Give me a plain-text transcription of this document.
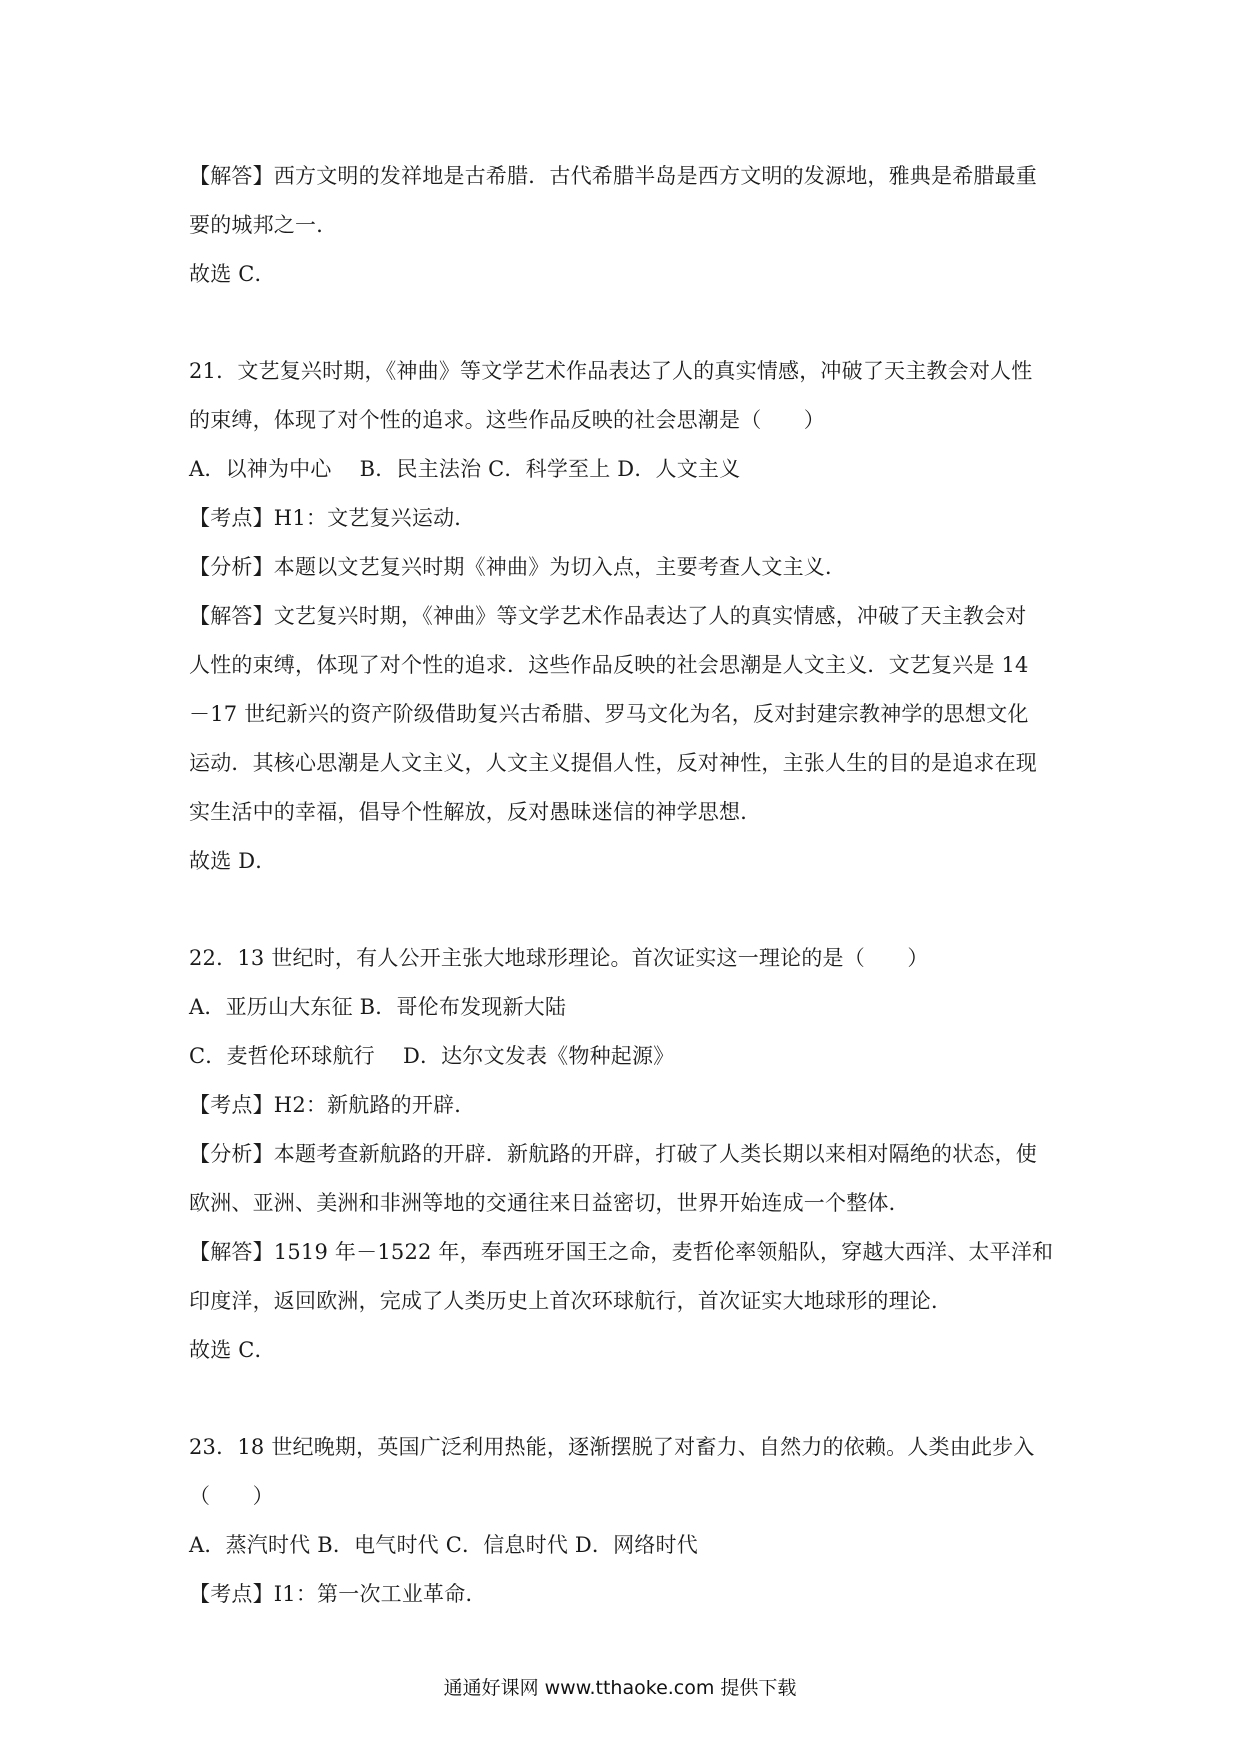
【解答】西方文明的发祥地是古希腊．古代希腊半岛是西方文明的发源地，雅典是希腊最重
要的城邦之一．
故选 C．
21．文艺复兴时期，《神曲》等文学艺术作品表达了人的真实情感，冲破了天主教会对人性
的束缚，体现了对个性的追求。这些作品反映的社会思潮是（　　）
A．以神为中心　 B．民主法治 C．科学至上 D．人文主义
【考点】H1：文艺复兴运动．
【分析】本题以文艺复兴时期《神曲》为切入点，主要考查人文主义．
【解答】文艺复兴时期，《神曲》等文学艺术作品表达了人的真实情感，冲破了天主教会对
人性的束缚，体现了对个性的追求．这些作品反映的社会思潮是人文主义．文艺复兴是 14
－17 世纪新兴的资产阶级借助复兴古希腊、罗马文化为名，反对封建宗教神学的思想文化
运动．其核心思潮是人文主义，人文主义提倡人性，反对神性，主张人生的目的是追求在现
实生活中的幸福，倡导个性解放，反对愚昧迷信的神学思想．
故选 D．
22．13 世纪时，有人公开主张大地球形理论。首次证实这一理论的是（　　）
A．亚历山大东征 B．哥伦布发现新大陆
C．麦哲伦环球航行　 D．达尔文发表《物种起源》
【考点】H2：新航路的开辟．
【分析】本题考查新航路的开辟．新航路的开辟，打破了人类长期以来相对隔绝的状态，使
欧洲、亚洲、美洲和非洲等地的交通往来日益密切，世界开始连成一个整体．
【解答】1519 年－1522 年，奉西班牙国王之命，麦哲伦率领船队，穿越大西洋、太平洋和
印度洋，返回欧洲，完成了人类历史上首次环球航行，首次证实大地球形的理论．
故选 C．
23．18 世纪晚期，英国广泛利用热能，逐渐摆脱了对畜力、自然力的依赖。人类由此步入
（　　）
A．蒸汽时代 B．电气时代 C．信息时代 D．网络时代
【考点】I1：第一次工业革命．
通通好课网 www.tthaoke.com 提供下载
